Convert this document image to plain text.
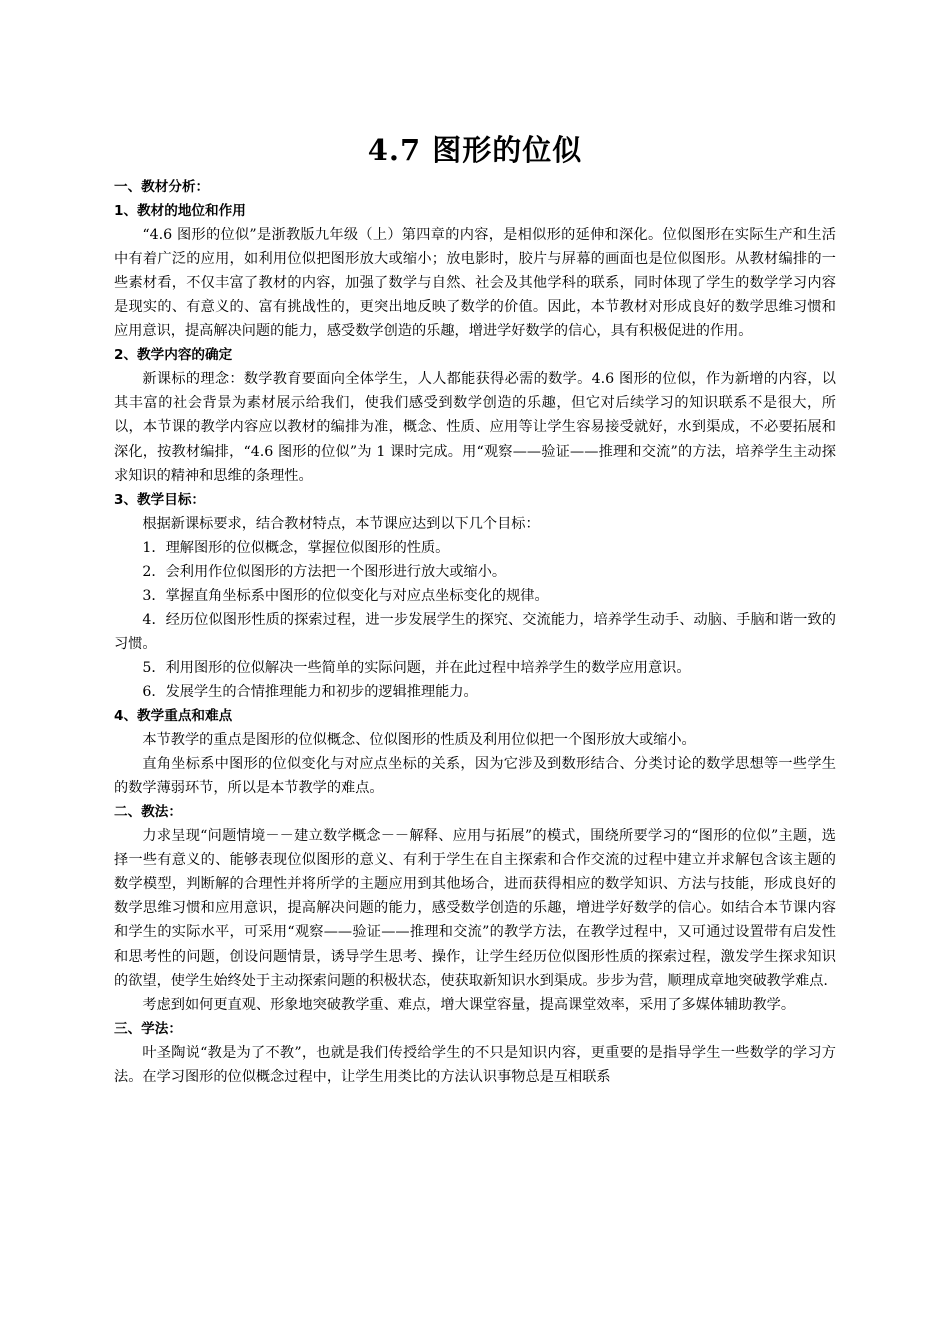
4.7 图形的位似

一、教材分析：

1、教材的地位和作用

“4.6 图形的位似”是浙教版九年级（上）第四章的内容，是相似形的延伸和深化。位似图形在实际生产和生活中有着广泛的应用，如利用位似把图形放大或缩小；放电影时，胶片与屏幕的画面也是位似图形。从教材编排的一些素材看，不仅丰富了教材的内容，加强了数学与自然、社会及其他学科的联系，同时体现了学生的数学学习内容是现实的、有意义的、富有挑战性的，更突出地反映了数学的价值。因此，本节教材对形成良好的数学思维习惯和应用意识，提高解决问题的能力，感受数学创造的乐趣，增进学好数学的信心，具有积极促进的作用。

2、教学内容的确定

新课标的理念：数学教育要面向全体学生，人人都能获得必需的数学。4.6 图形的位似，作为新增的内容，以其丰富的社会背景为素材展示给我们，使我们感受到数学创造的乐趣，但它对后续学习的知识联系不是很大，所以，本节课的教学内容应以教材的编排为准，概念、性质、应用等让学生容易接受就好，水到渠成，不必要拓展和深化，按教材编排，“4.6 图形的位似”为 1 课时完成。用“观察——验证——推理和交流”的方法，培养学生主动探求知识的精神和思维的条理性。

3、教学目标：

根据新课标要求，结合教材特点，本节课应达到以下几个目标：

1．理解图形的位似概念，掌握位似图形的性质。

2．会利用作位似图形的方法把一个图形进行放大或缩小。

3．掌握直角坐标系中图形的位似变化与对应点坐标变化的规律。

4．经历位似图形性质的探索过程，进一步发展学生的探究、交流能力，培养学生动手、动脑、手脑和谐一致的习惯。

5．利用图形的位似解决一些简单的实际问题，并在此过程中培养学生的数学应用意识。

6．发展学生的合情推理能力和初步的逻辑推理能力。

4、教学重点和难点

本节教学的重点是图形的位似概念、位似图形的性质及利用位似把一个图形放大或缩小。

直角坐标系中图形的位似变化与对应点坐标的关系，因为它涉及到数形结合、分类讨论的数学思想等一些学生的数学薄弱环节，所以是本节教学的难点。

二、教法：

力求呈现“问题情境－－建立数学概念－－解释、应用与拓展”的模式，围绕所要学习的“图形的位似”主题，选择一些有意义的、能够表现位似图形的意义、有利于学生在自主探索和合作交流的过程中建立并求解包含该主题的数学模型，判断解的合理性并将所学的主题应用到其他场合，进而获得相应的数学知识、方法与技能，形成良好的数学思维习惯和应用意识，提高解决问题的能力，感受数学创造的乐趣，增进学好数学的信心。如结合本节课内容和学生的实际水平，可采用“观察——验证——推理和交流”的教学方法，在教学过程中，又可通过设置带有启发性和思考性的问题，创设问题情景，诱导学生思考、操作，让学生经历位似图形性质的探索过程，激发学生探求知识的欲望，使学生始终处于主动探索问题的积极状态，使获取新知识水到渠成。步步为营，顺理成章地突破教学难点.

考虑到如何更直观、形象地突破教学重、难点，增大课堂容量，提高课堂效率，采用了多媒体辅助教学。

三、学法：

叶圣陶说“教是为了不教”，也就是我们传授给学生的不只是知识内容，更重要的是指导学生一些数学的学习方法。在学习图形的位似概念过程中，让学生用类比的方法认识事物总是互相联系
